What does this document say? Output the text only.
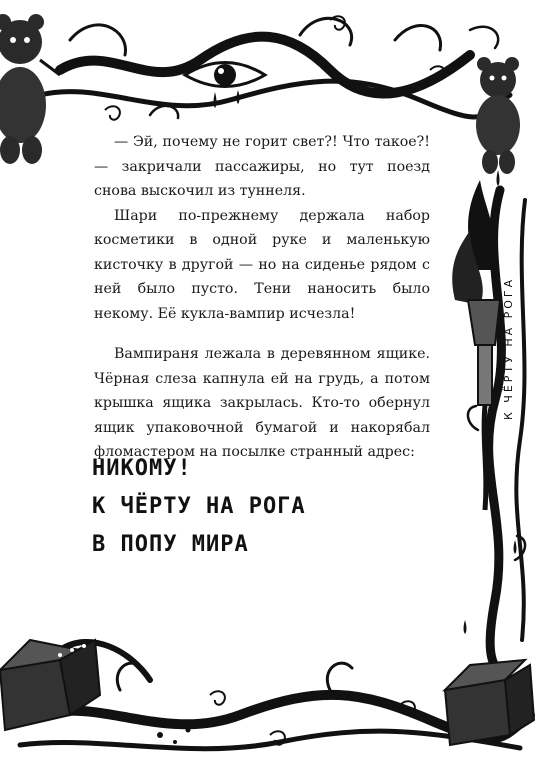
— Эй, почему не горит свет?! Что такое?! — закричали пассажиры, но тут поезд снова выскочил из туннеля.

Шари по-прежнему держала набор косметики в одной руке и маленькую кисточку в другой — но на сиденье рядом с ней было пусто. Тени наносить было некому. Её кукла-вампир исчезла!

Вампираня лежала в деревянном ящике. Чёрная слеза капнула ей на грудь, а потом крышка ящика закрылась. Кто-то обернул ящик упаковочной бумагой и накорябал фломастером на посылке странный адрес:

НИКОМУ!
К ЧЁРТУ НА РОГА
В ПОПУ МИРА
К ЧЁРТУ НА РОГА
